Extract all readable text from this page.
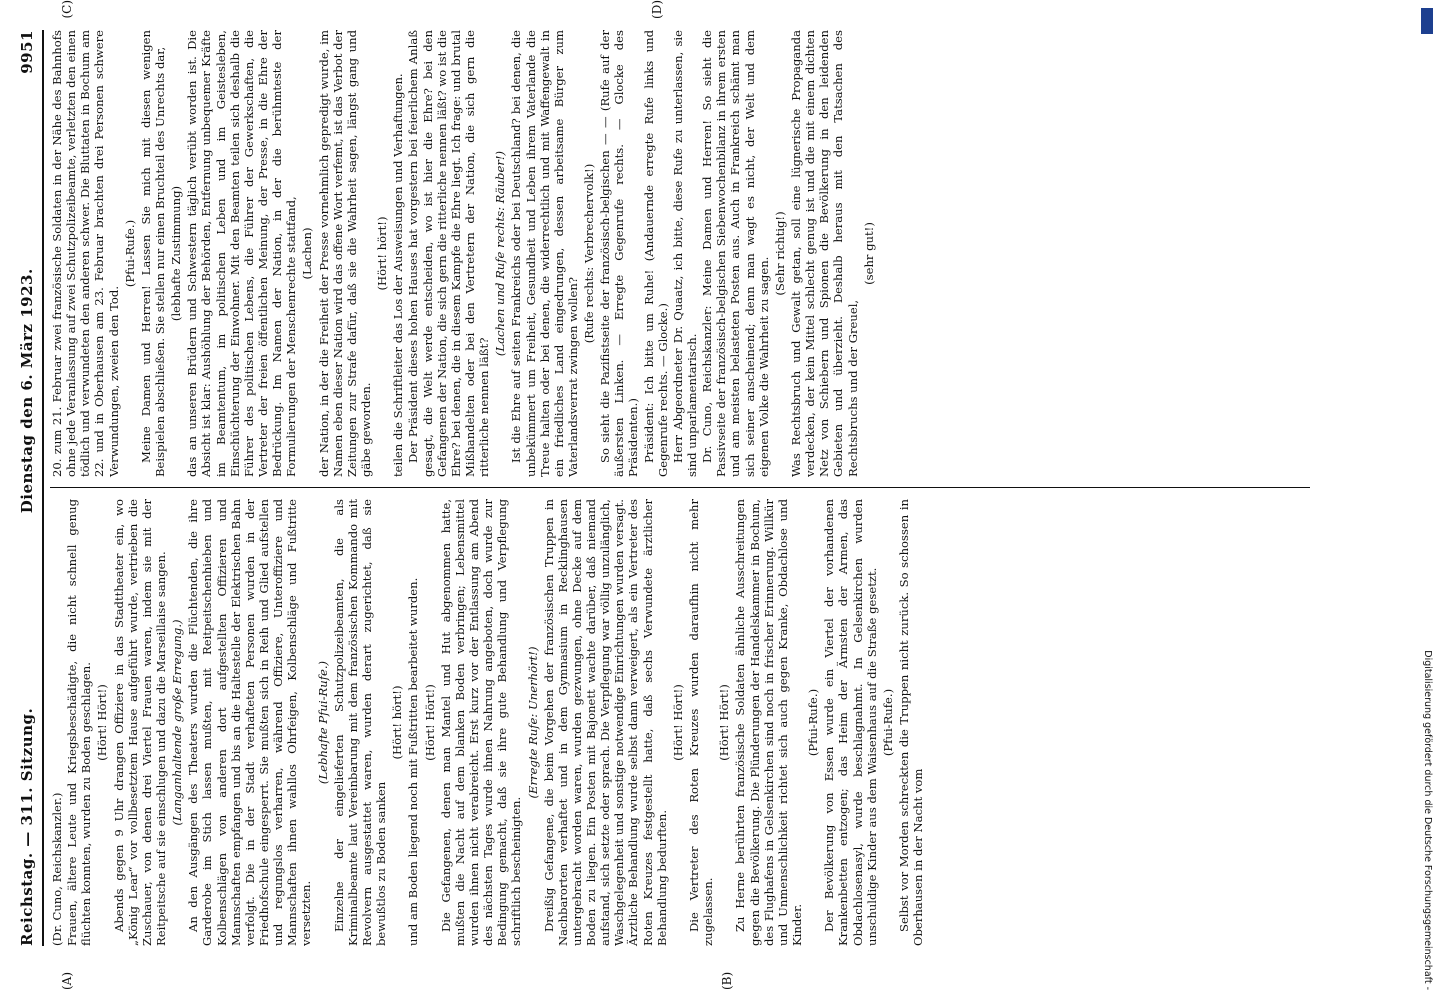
Reichstag. — 311. Sitzung.
Dienstag den 6. März 1923.
9951
(A)	(B)

(Dr. Cuno, Reichskanzler.) Frauen, ältere Leute und Kriegsbeschädigte, die nicht schnell genug flüchten konnten, wurden zu Boden geschlagen. (Hört! Hört!) Abends gegen 9 Uhr drangen Offiziere in das Stadttheater ein, wo „König Lear“ vor vollbesetztem Hause aufgeführt wurde, vertrieben die Zuschauer, von denen drei Viertel Frauen waren, indem sie mit der Reitpeitsche auf sie einschlugen und dazu die Marseillaise sangen. (Langanhaltende große Erregung.) An den Ausgängen des Theaters wurden die Flüchtenden, die ihre Garderobe im Stich lassen mußten, mit Reitpeitschenhieben und Kolbenschlägen von anderen dort aufgestellten Offizieren und Mannschaften empfangen und bis an die Haltestelle der Elektrischen Bahn verfolgt. Die in der Stadt verhafteten Personen wurden in der Friedhofschule eingesperrt. Sie mußten sich in Reih und Glied aufstellen und regungslos verharren, während Offiziere, Unteroffiziere und Mannschaften ihnen wahllos Ohrfeigen, Kolbenschläge und Fußtritte versetzten.

(Lebhafte Pfui-Rufe.) Einzelne der eingelieferten Schutzpolizeibeamten, die als Kriminalbeamte laut Vereinbarung mit dem französischen Kommando mit Revolvern ausgestattet waren, wurden derart zugerichtet, daß sie bewußtlos zu Boden sanken

(Hört! hört!) und am Boden liegend noch mit Fußtritten bearbeitet wurden. (Hört! Hört!) Die Gefangenen, denen man Mantel und Hut abgenommen hatte, mußten die Nacht auf dem blanken Boden verbringen; Lebensmittel wurden ihnen nicht verabreicht. Erst kurz vor der Entlassung am Abend des nächsten Tages wurde ihnen Nahrung angeboten, doch wurde zur Bedingung gemacht, daß sie ihre gute Behandlung und Verpflegung schriftlich bescheinigten.

(Erregte Rufe: Unerhört!) Dreißig Gefangene, die beim Vorgehen der französischen Truppen in Nachbarorten verhaftet und in dem Gymnasium in Recklinghausen untergebracht worden waren, wurden gezwungen, ohne Decke auf dem Boden zu liegen. Ein Posten mit Bajonett wachte darüber, daß niemand aufstand, sich setzte oder sprach. Die Verpflegung war völlig unzulänglich, Waschgelegenheit und sonstige notwendige Einrichtungen wurden versagt. Ärztliche Behandlung wurde selbst dann verweigert, als ein Vertreter des Roten Kreuzes festgestellt hatte, daß sechs Verwundete ärztlicher Behandlung bedurften.

(Hört! Hört!) Die Vertreter des Roten Kreuzes wurden daraufhin nicht mehr zugelassen.

(Hört! Hört!) Zu Herne berührten französische Soldaten ähnliche Ausschreitungen gegen die Bevölkerung. Die Plünderungen der Handelskammer in Bochum, des Flughafens in Gelsenkirchen sind noch in frischer Erinnerung. Willkür und Unmenschlichkeit richtet sich auch gegen Kranke, Obdachlose und Kinder.

(Pfui-Rufe.) Der Bevölkerung von Essen wurde ein Viertel der vorhandenen Krankenbetten entzogen; das Heim der Ärmsten der Armen, das Obdachlosenasyl, wurde beschlagnahmt. In Gelsenkirchen wurden unschuldige Kinder aus dem Waisenhaus auf die Straße gesetzt. (Pfui-Rufe.) Selbst vor Morden schreckten die Truppen nicht zurück. So schossen in Oberhausen in der Nacht vom

(C)	(D)

20. zum 21. Februar zwei französische Soldaten in der Nähe des Bahnhofs ohne jede Veranlassung auf zwei Schutzpolizeibeamte, verletzten den einen tödlich und verwundeten den anderen schwer. Die Bluttaten in Bochum am 22. und in Oberhausen am 23. Februar brachten drei Personen schwere Verwundungen, zweien den Tod.

(Pfui-Rufe.) Meine Damen und Herren! Lassen Sie mich mit diesen wenigen Beispielen abschließen. Sie stellen nur einen Bruchteil des Unrechts dar, (lebhafte Zustimmung) das an unseren Brüdern und Schwestern täglich verübt worden ist. Die Absicht ist klar: Aushöhlung der Behörden, Entfernung unbequemer Kräfte im Beamtentum, im politischen Leben und im Geistesleben, Einschüchterung der Einwohner. Mit den Beamten teilen sich deshalb die Führer des politischen Lebens, die Führer der Gewerkschaften, die Vertreter der freien öffentlichen Meinung, der Presse, in die Ehre der Bedrückung. Im Namen der Nation, in der die berühmteste der Formulierungen der Menschenrechte stattfand, (Lachen) der Nation, in der die Freiheit der Presse vornehmlich gepredigt wurde, im Namen eben dieser Nation wird das offene Wort verfemt, ist das Verbot der Zeitungen zur Strafe dafür, daß sie die Wahrheit sagen, längst gang und gäbe geworden.

(Hört! hört!) teilen die Schriftleiter das Los der Ausweisungen und Verhaftungen. Der Präsident dieses hohen Hauses hat vorgestern bei feierlichem Anlaß gesagt, die Welt werde entscheiden, wo ist hier die Ehre? bei den Gefangenen der Nation, die sich gern die ritterliche nennen läßt? wo ist die Ehre? bei denen, die in diesem Kampfe die Ehre liegt. Ich frage: und brutal Mißhandelten oder bei den Vertretern der Nation, die sich gern die ritterliche nennen läßt?

(Lachen und Rufe rechts: Räuber!) Ist die Ehre auf seiten Frankreichs oder bei Deutschland? bei denen, die unbekümmert um Freiheit, Gesundheit und Leben ihrem Vaterlande die Treue halten oder bei denen, die widerrechtlich und mit Waffengewalt in ein friedliches Land eingedrungen, dessen arbeitsame Bürger zum Vaterlandsverrat zwingen wollen?

(Rufe rechts: Verbrechervolk!) So sieht die Pazifistseite der französisch-belgischen — — (Rufe auf der äußersten Linken. — Erregte Gegenrufe rechts. — Glocke des Präsidenten.) Präsident: Ich bitte um Ruhe! (Andauernde erregte Rufe links und Gegenrufe rechts. — Glocke.) Herr Abgeordneter Dr. Quaatz, ich bitte, diese Rufe zu unterlassen, sie sind unparlamentarisch. Dr. Cuno, Reichskanzler: Meine Damen und Herren! So sieht die Passivseite der französisch-belgischen Siebenwochenbilanz in ihrem ersten und am meisten belasteten Posten aus. Auch in Frankreich schämt man sich seiner anscheinend; denn man wagt es nicht, der Welt und dem eigenen Volke die Wahrheit zu sagen.

(Sehr richtig!) Was Rechtsbruch und Gewalt getan, soll eine lügnerische Propaganda verdecken, der kein Mittel schlecht genug ist und die mit einem dichten Netz von Schiebern und Spionen die Bevölkerung in den leidenden Gebieten und überzieht. Deshalb heraus mit den Tatsachen des Rechtsbruchs und der Greuel,

(sehr gut!)

Digitalisierung gefördert durch die Deutsche Forschungsgemeinschaft -
